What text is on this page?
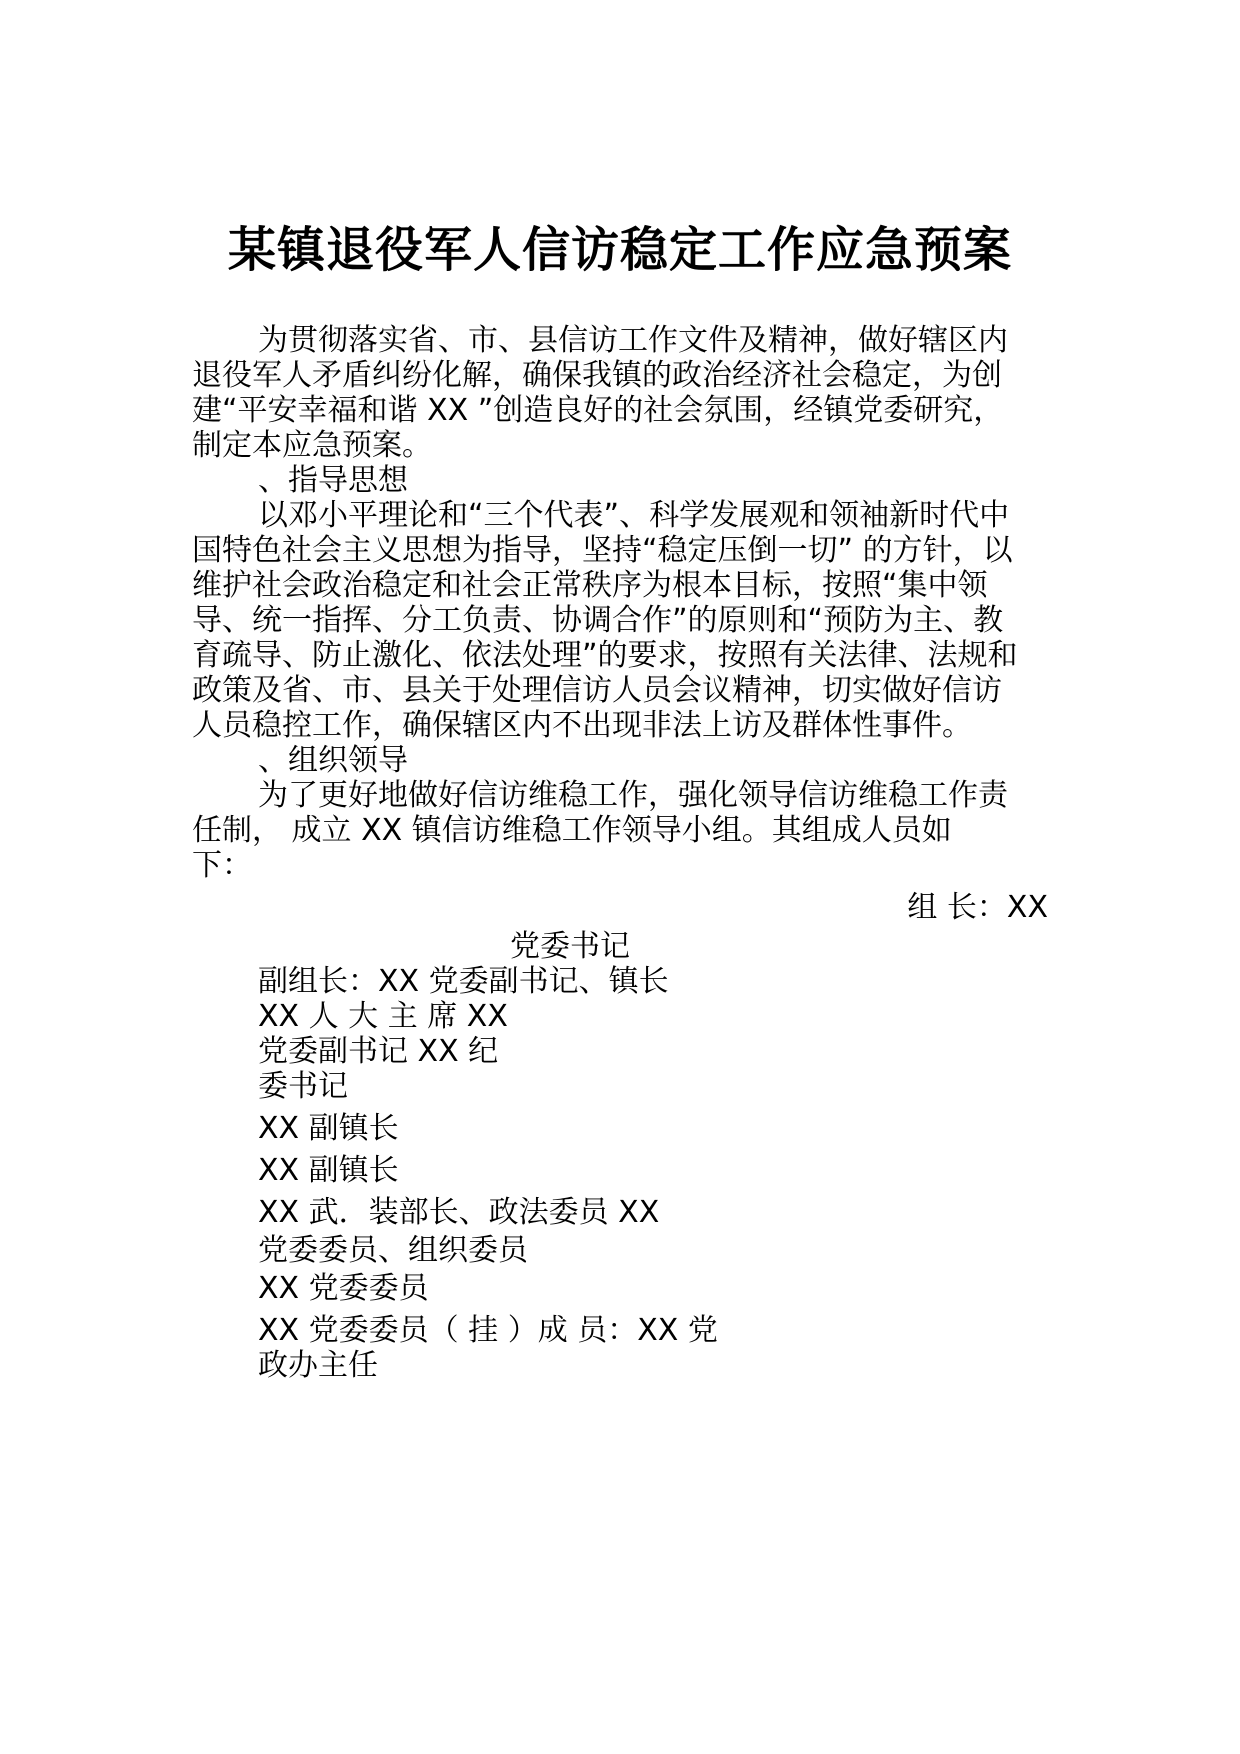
某镇退役军人信访稳定工作应急预案
为贯彻落实省、市、县信访工作文件及精神，做好辖区内
退役军人矛盾纠纷化解，确保我镇的政治经济社会稳定，为创
建“平安幸福和谐 XX ”创造良好的社会氛围，经镇党委研究，
制定本应急预案。
、指导思想
以邓小平理论和“三个代表”、科学发展观和领袖新时代中
国特色社会主义思想为指导，坚持“稳定压倒一切” 的方针，以
维护社会政治稳定和社会正常秩序为根本目标，按照“集中领
导、统一指挥、分工负责、协调合作”的原则和“预防为主、教
育疏导、防止激化、依法处理”的要求，按照有关法律、法规和
政策及省、市、县关于处理信访人员会议精神，切实做好信访
人员稳控工作，确保辖区内不出现非法上访及群体性事件。
、组织领导
为了更好地做好信访维稳工作，强化领导信访维稳工作责
任制， 成立 XX 镇信访维稳工作领导小组。其组成人员如
下：
组 长：XX
党委书记
副组长：XX 党委副书记、镇长
XX 人 大 主 席 XX
党委副书记 XX 纪
委书记
XX 副镇长
XX 副镇长
XX 武．装部长、政法委员 XX
党委委员、组织委员
XX 党委委员
XX 党委委员（ 挂 ）成 员：XX 党
政办主任
